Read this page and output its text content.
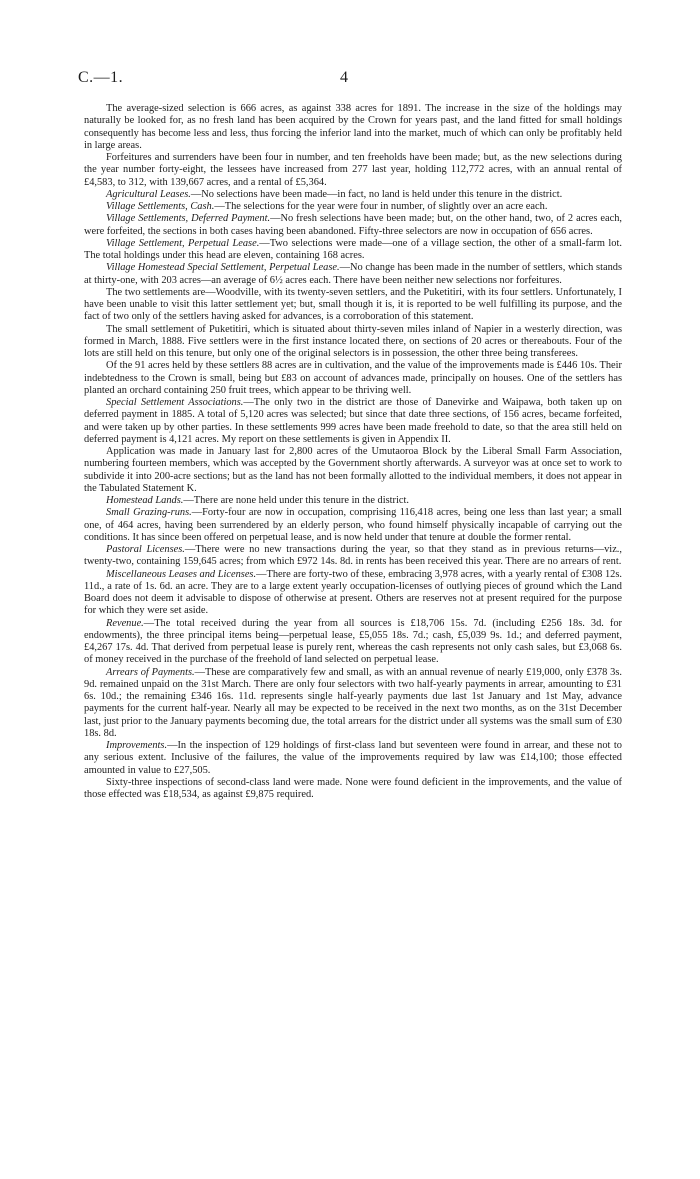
C.—1.	4

The average-sized selection is 666 acres, as against 338 acres for 1891. The increase in the size of the holdings may naturally be looked for, as no fresh land has been acquired by the Crown for years past, and the land fitted for small holdings consequently has become less and less, thus forcing the inferior land into the market, much of which can only be profitably held in large areas.

Forfeitures and surrenders have been four in number, and ten freeholds have been made; but, as the new selections during the year number forty-eight, the lessees have increased from 277 last year, holding 112,772 acres, with an annual rental of £4,583, to 312, with 139,667 acres, and a rental of £5,364.

Agricultural Leases.—No selections have been made—in fact, no land is held under this tenure in the district.

Village Settlements, Cash.—The selections for the year were four in number, of slightly over an acre each.

Village Settlements, Deferred Payment.—No fresh selections have been made; but, on the other hand, two, of 2 acres each, were forfeited, the sections in both cases having been abandoned. Fifty-three selectors are now in occupation of 656 acres.

Village Settlement, Perpetual Lease.—Two selections were made—one of a village section, the other of a small-farm lot. The total holdings under this head are eleven, containing 168 acres.

Village Homestead Special Settlement, Perpetual Lease.—No change has been made in the number of settlers, which stands at thirty-one, with 203 acres—an average of 6½ acres each. There have been neither new selections nor forfeitures.

The two settlements are—Woodville, with its twenty-seven settlers, and the Puketitiri, with its four settlers. Unfortunately, I have been unable to visit this latter settlement yet; but, small though it is, it is reported to be well fulfilling its purpose, and the fact of two only of the settlers having asked for advances, is a corroboration of this statement.

The small settlement of Puketitiri, which is situated about thirty-seven miles inland of Napier in a westerly direction, was formed in March, 1888. Five settlers were in the first instance located there, on sections of 20 acres or thereabouts. Four of the lots are still held on this tenure, but only one of the original selectors is in possession, the other three being transferees.

Of the 91 acres held by these settlers 88 acres are in cultivation, and the value of the improvements made is £446 10s. Their indebtedness to the Crown is small, being but £83 on account of advances made, principally on houses. One of the settlers has planted an orchard containing 250 fruit trees, which appear to be thriving well.

Special Settlement Associations.—The only two in the district are those of Danevirke and Waipawa, both taken up on deferred payment in 1885. A total of 5,120 acres was selected; but since that date three sections, of 156 acres, became forfeited, and were taken up by other parties. In these settlements 999 acres have been made freehold to date, so that the area still held on deferred payment is 4,121 acres. My report on these settlements is given in Appendix II.

Application was made in January last for 2,800 acres of the Umutaoroa Block by the Liberal Small Farm Association, numbering fourteen members, which was accepted by the Government shortly afterwards. A surveyor was at once set to work to subdivide it into 200-acre sections; but as the land has not been formally allotted to the individual members, it does not appear in the Tabulated Statement K.

Homestead Lands.—There are none held under this tenure in the district.

Small Grazing-runs.—Forty-four are now in occupation, comprising 116,418 acres, being one less than last year; a small one, of 464 acres, having been surrendered by an elderly person, who found himself physically incapable of carrying out the conditions. It has since been offered on perpetual lease, and is now held under that tenure at double the former rental.

Pastoral Licenses.—There were no new transactions during the year, so that they stand as in previous returns—viz., twenty-two, containing 159,645 acres; from which £972 14s. 8d. in rents has been received this year. There are no arrears of rent.

Miscellaneous Leases and Licenses.—There are forty-two of these, embracing 3,978 acres, with a yearly rental of £308 12s. 11d., a rate of 1s. 6d. an acre. They are to a large extent yearly occupation-licenses of outlying pieces of ground which the Land Board does not deem it advisable to dispose of otherwise at present. Others are reserves not at present required for the purpose for which they were set aside.

Revenue.—The total received during the year from all sources is £18,706 15s. 7d. (including £256 18s. 3d. for endowments), the three principal items being—perpetual lease, £5,055 18s. 7d.; cash, £5,039 9s. 1d.; and deferred payment, £4,267 17s. 4d. That derived from perpetual lease is purely rent, whereas the cash represents not only cash sales, but £3,068 6s. of money received in the purchase of the freehold of land selected on perpetual lease.

Arrears of Payments.—These are comparatively few and small, as with an annual revenue of nearly £19,000, only £378 3s. 9d. remained unpaid on the 31st March. There are only four selectors with two half-yearly payments in arrear, amounting to £31 6s. 10d.; the remaining £346 16s. 11d. represents single half-yearly payments due last 1st January and 1st May, advance payments for the current half-year. Nearly all may be expected to be received in the next two months, as on the 31st December last, just prior to the January payments becoming due, the total arrears for the district under all systems was the small sum of £30 18s. 8d.

Improvements.—In the inspection of 129 holdings of first-class land but seventeen were found in arrear, and these not to any serious extent. Inclusive of the failures, the value of the improvements required by law was £14,100; those effected amounted in value to £27,505.

Sixty-three inspections of second-class land were made. None were found deficient in the improvements, and the value of those effected was £18,534, as against £9,875 required.
